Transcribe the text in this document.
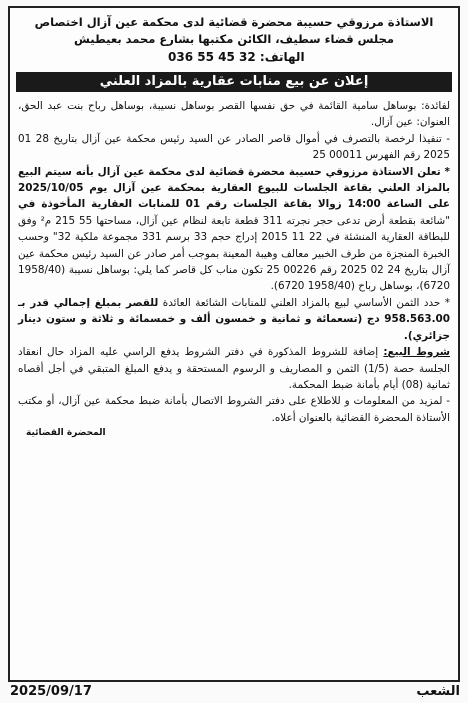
الاستاذة مرزوقي حسيبة محضرة قضائية لدى محكمة عين آزال اختصاص
مجلس قضاء سطيف، الكائن مكتبها بشارع محمد بعيطيش
الهاتف: 32 45 55 036
إعلان عن بيع منابات عقارية بالمزاد العلني

لفائدة: بوساهل سامية القائمة في حق نفسها القصر بوساهل نسيبة، بوساهل رباح بنت عبد الحق، العنوان: عين آزال.

- تنفيذا لرخصة بالتصرف في أموال قاصر الصادر عن السيد رئيس محكمة عين آزال بتاريخ 28 01 2025 رقم الفهرس 00011 25

* تعلن الاستاذة مرزوقي حسيبة محضرة قضائية لدى محكمة عين آزال بأنه سيتم البيع بالمزاد العلني بقاعة الجلسات للبيوع العقارية بمحكمة عين آزال يوم 2025/10/05 على الساعة 14:00 زوالا بقاعة الجلسات رقم 01 للمنابات العقارية المأخوذة في "شائعة بقطعة أرض تدعى حجر نجرته 311 قطعة تابعة لنظام عين آزال، مساحتها 55 215 م² وفق للبطاقة العقارية المنشئة في 22 11 2015 إدراج حجم 33 برسم 331 مجموعة ملكية 32" وحسب الخبرة المنجزة من طرف الخبير معالف وهيبة المعينة بموجب أمر صادر عن السيد رئيس محكمة عين آزال بتاريخ 24 02 2025 رقم 00226 25 تكون مناب كل قاصر كما يلي: بوساهل نسيبة (1958/40 6720)، بوساهل رباح (1958/40 6720).

* حدد الثمن الأساسي لبيع بالمزاد العلني للمنابات الشائعة العائدة للقصر بمبلغ إجمالي قدر بـ 958.563.00 دج (تسعمائة و ثمانية و خمسون ألف و خمسمائة و ثلاثة و ستون دينار جزائري).

شروط البيع: إضافة للشروط المذكورة في دفتر الشروط يدفع الراسي عليه المزاد حال انعقاد الجلسة حصة (1/5) الثمن و المصاريف و الرسوم المستحقة و يدفع المبلغ المتبقي في أجل أقصاه ثمانية (08) أيام بأمانة ضبط المحكمة.

- لمزيد من المعلومات و للاطلاع على دفتر الشروط الاتصال بأمانة ضبط محكمة عين آزال، أو مكتب الأستاذة المحضرة القضائية بالعنوان أعلاه.

المحضرة القضائية
الشعب
2025/09/17
